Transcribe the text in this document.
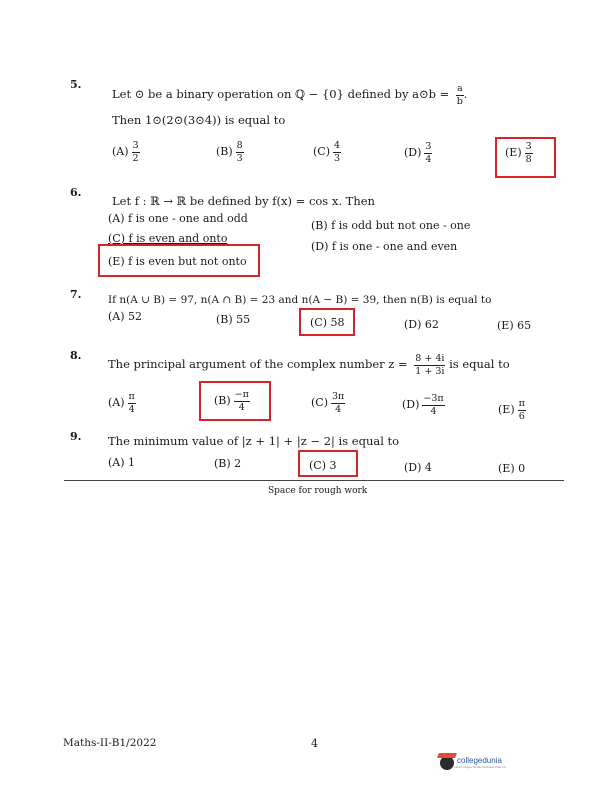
5.
Let ⊙ be a binary operation on ℚ − {0} defined by a⊙b = $\frac{a}{b}$ .
Then 1⊙(2⊙(3⊙4)) is equal to
$(A) \frac{3}{2}$	$(B) \frac{8}{3}$	$(C) \frac{4}{3}$	$(D) \frac{3}{4}$	$(E) \frac{3}{8}$
6.
Let f : ℝ → ℝ be defined by f(x) = cos x. Then
(A) f is one - one and odd
(B) f is odd but not one - one
(C) f is even and onto
(D) f is one - one and even
(E) f is even but not onto
7.	If n(A ∪ B) = 97, n(A ∩ B) = 23 and n(A − B) = 39, then n(B) is equal to
(A) 52	(B) 55	(C) 58	(D) 62	(E) 65
8.
The principal argument of the complex number $z = \frac{8 + 4i}{1 + 3i}$ is equal to
$(A) \frac{\pi}{4}$	$(B) \frac{-\pi}{4}$	$(C) \frac{3\pi}{4}$	$(D) \frac{-3\pi}{4}$	$(E) \frac{\pi}{6}$
9. The minimum value of |z + 1| + |z − 2| is equal to
(A) 1	(B) 2	(C) 3	(D) 4	(E) 0
Space for rough work
Maths-II-B1/2022	4
collegedunia
India's largest Student Review Platform
